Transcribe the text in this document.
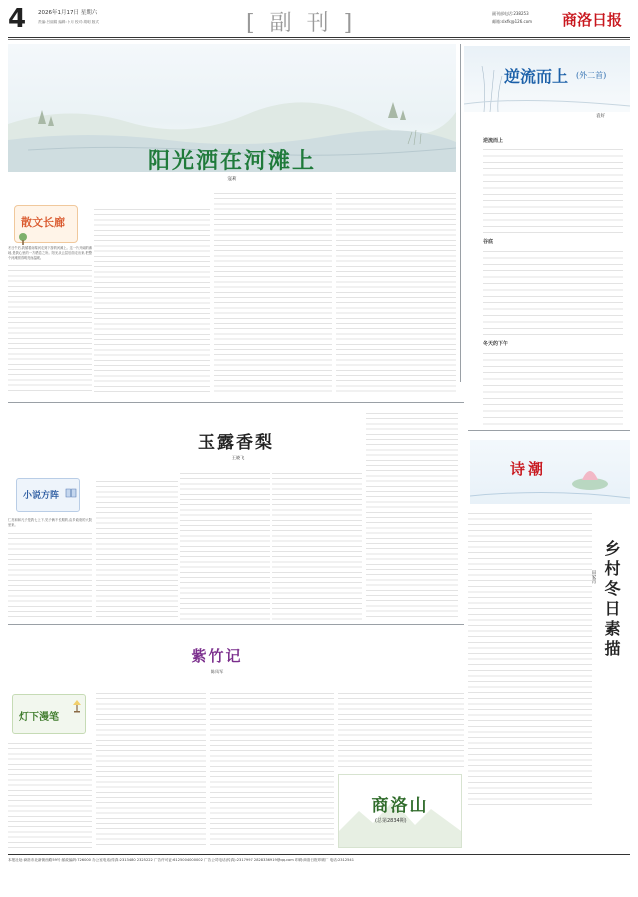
4 2026年1月17日 星期六
责编:吕丽娟 编辑:卜月 校对:胡明 版式	[ 副 刊 ]	副刊部电话:238253
邮箱:slxfk@126.com 商洛日报
阳光洒在河滩上
寇莉
散文长廊
冬日午后,我循着南秦河走到下游的河滩上。这一片开阔的滩地,是我心里的一方栖息之所。阳光从云层后面走出来,把整个河滩照得明亮而温暖。
逆流而上 (外二首)
袁好
逆流而上
谷底
冬天的下午
玉露香梨
王晓飞
小说方阵
仁亮和和凡子是我七上下,见子俩不长期的,由乡政府的大院里来。
诗潮
乡村冬日素描
田家肖
紫竹记
陈凤军
灯下漫笔
商洛山
(总第2834期)
本报社址:商洛市北新街西路59号 邮政编码:726000 办公室电话/传真:2313480 2325222 广告许可证:6125004000002 广告公司电话(传真):2317997 2828336919@qq.com 印刷:商洛日报印刷厂 电话:2312541
